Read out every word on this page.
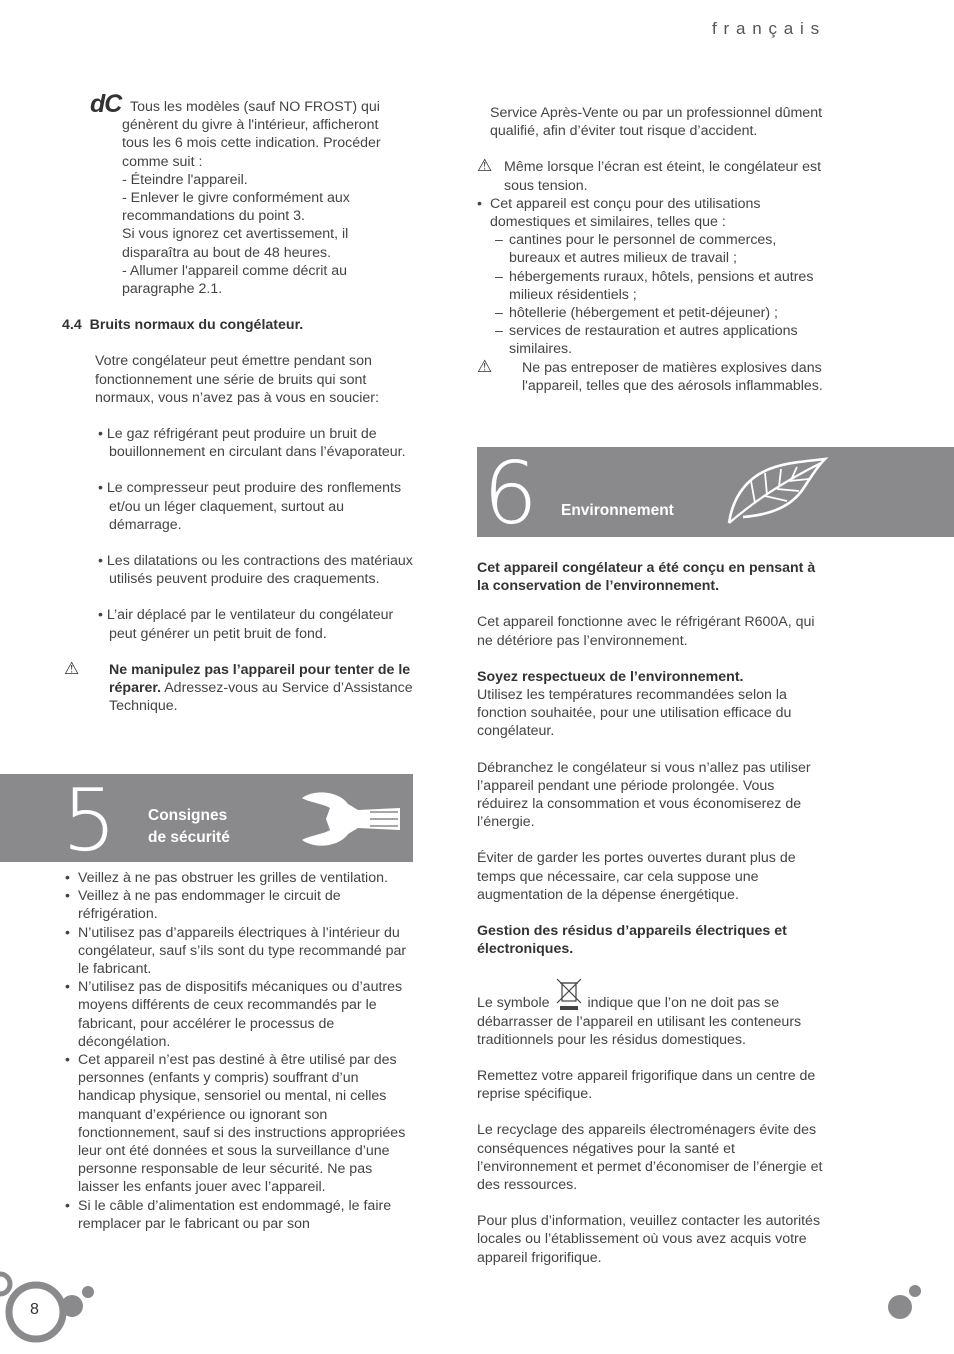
français
dC Tous les modèles (sauf NO FROST) qui
génèrent du givre à l'intérieur, afficheront
tous les 6 mois cette indication. Procéder
comme suit :
- Éteindre l'appareil.
- Enlever le givre conformément aux
recommandations du point 3.
Si vous ignorez cet avertissement, il
disparaîtra au bout de 48 heures.
- Allumer l'appareil comme décrit au
paragraphe 2.1.

4.4  Bruits normaux du congélateur.

Votre congélateur peut émettre pendant son fonctionnement une série de bruits qui sont normaux, vous n’avez pas à vous en soucier:

• Le gaz réfrigérant peut produire un bruit de bouillonnement en circulant dans l’évaporateur.

• Le compresseur peut produire des ronflements et/ou un léger claquement, surtout au démarrage.

• Les dilatations ou les contractions des matériaux utilisés peuvent produire des craquements.

• L’air déplacé par le ventilateur du congélateur peut générer un petit bruit de fond.

⚠ Ne manipulez pas l’appareil pour tenter de le réparer. Adressez-vous au Service d’Assistance Technique.
5 Consignes
de sécurité
• Veillez à ne pas obstruer les grilles de ventilation.
• Veillez à ne pas endommager le circuit de réfrigération.
• N’utilisez pas d’appareils électriques à l’intérieur du congélateur, sauf s’ils sont du type recommandé par le fabricant.
• N’utilisez pas de dispositifs mécaniques ou d’autres moyens différents de ceux recommandés par le fabricant, pour accélérer le processus de décongélation.
• Cet appareil n’est pas destiné à être utilisé par des personnes (enfants y compris) souffrant d’un handicap physique, sensoriel ou mental, ni celles manquant d’expérience ou ignorant son fonctionnement, sauf si des instructions appropriées leur ont été données et sous la surveillance d’une personne responsable de leur sécurité. Ne pas laisser les enfants jouer avec l’appareil.
• Si le câble d’alimentation est endommagé, le faire remplacer par le fabricant ou par son

Service Après-Vente ou par un professionnel dûment qualifié, afin d’éviter tout risque d’accident.

⚠ Même lorsque l’écran est éteint, le congélateur est sous tension.
• Cet appareil est conçu pour des utilisations domestiques et similaires, telles que :
– cantines pour le personnel de commerces, bureaux et autres milieux de travail ;
– hébergements ruraux, hôtels, pensions et autres milieux résidentiels ;
– hôtellerie (hébergement et petit-déjeuner) ;
– services de restauration et autres applications similaires.
⚠ Ne pas entreposer de matières explosives dans l'appareil, telles que des aérosols inflammables.
6 Environnement

Cet appareil congélateur a été conçu en pensant à la conservation de l’environnement.

Cet appareil fonctionne avec le réfrigérant R600A, qui ne détériore pas l’environnement.

Soyez respectueux de l’environnement.

Utilisez les températures recommandées selon la fonction souhaitée, pour une utilisation efficace du congélateur.

Débranchez le congélateur si vous n’allez pas utiliser l’appareil pendant une période prolongée. Vous réduirez la consommation et vous économiserez de l’énergie.

Éviter de garder les portes ouvertes durant plus de temps que nécessaire, car cela suppose une augmentation de la dépense énergétique.

Gestion des résidus d’appareils électriques et électroniques.

Le symbole	indique que l’on ne doit pas se débarrasser de l’appareil en utilisant les conteneurs traditionnels pour les résidus domestiques.

Remettez votre appareil frigorifique dans un centre de reprise spécifique.

Le recyclage des appareils électroménagers évite des conséquences négatives pour la santé et l’environnement et permet d’économiser de l’énergie et des ressources.

Pour plus d’information, veuillez contacter les autorités locales ou l’établissement où vous avez acquis votre appareil frigorifique.

8
